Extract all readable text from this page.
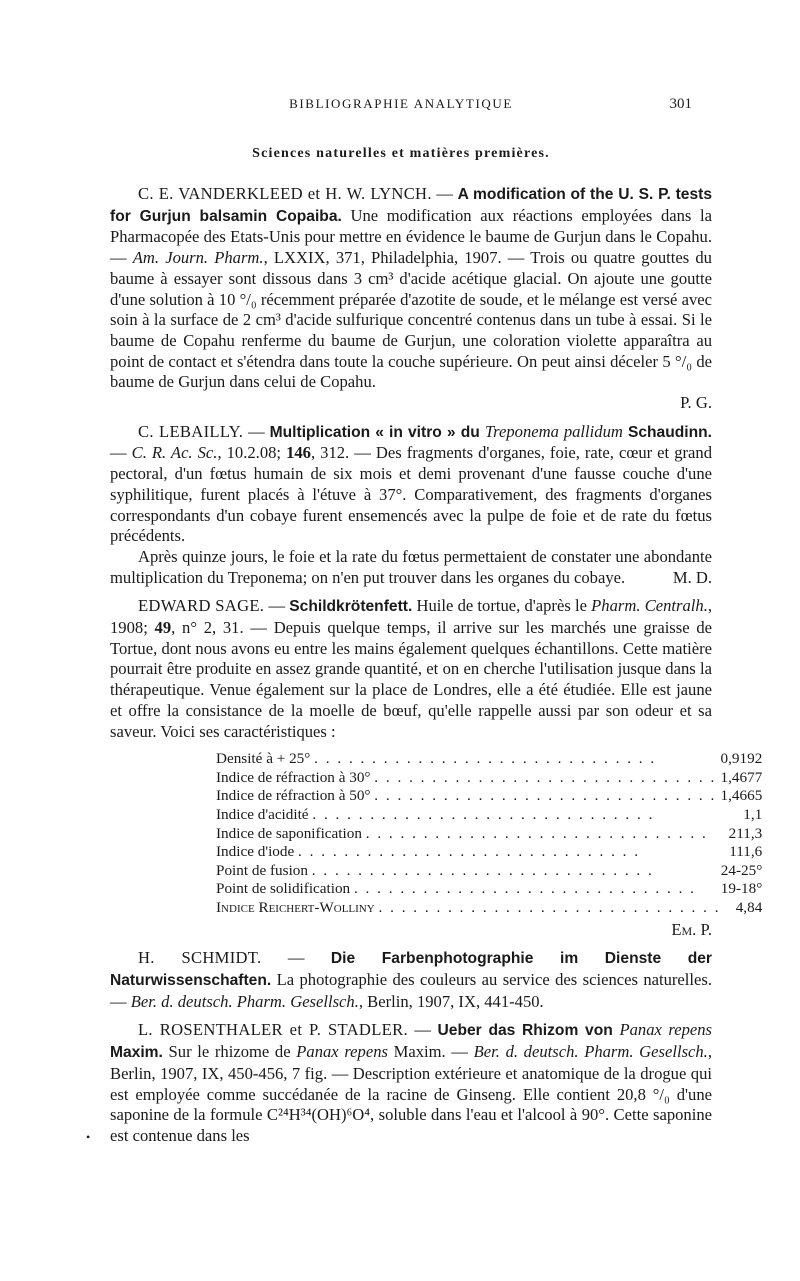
BIBLIOGRAPHIE ANALYTIQUE	301
Sciences naturelles et matières premières.

C. E. VANDERKLEED et H. W. LYNCH. — A modification of the U. S. P. tests for Gurjun balsamin Copaiba. Une modification aux réactions employées dans la Pharmacopée des Etats-Unis pour mettre en évidence le baume de Gurjun dans le Copahu. — Am. Journ. Pharm., LXXIX, 371, Philadelphia, 1907. — Trois ou quatre gouttes du baume à essayer sont dissous dans 3 cm³ d'acide acétique glacial. On ajoute une goutte d'une solution à 10 °/₀ récemment préparée d'azotite de soude, et le mélange est versé avec soin à la surface de 2 cm³ d'acide sulfurique concentré contenus dans un tube à essai. Si le baume de Copahu renferme du baume de Gurjun, une coloration violette apparaîtra au point de contact et s'étendra dans toute la couche supérieure. On peut ainsi déceler 5 °/₀ de baume de Gurjun dans celui de Copahu.

P. G.

C. LEBAILLY. — Multiplication « in vitro » du Treponema pallidum Schaudinn. — C. R. Ac. Sc., 10.2.08; 146, 312. — Des fragments d'organes, foie, rate, cœur et grand pectoral, d'un fœtus humain de six mois et demi provenant d'une fausse couche d'une syphilitique, furent placés à l'étuve à 37°. Comparativement, des fragments d'organes correspondants d'un cobaye furent ensemencés avec la pulpe de foie et de rate du fœtus précédents.

Après quinze jours, le foie et la rate du fœtus permettaient de constater une abondante multiplication du Treponema; on n'en put trouver dans les organes du cobaye.	M. D.

EDWARD SAGE. — Schildkrötenfett. Huile de tortue, d'après le Pharm. Centralh., 1908; 49, n° 2, 31. — Depuis quelque temps, il arrive sur les marchés une graisse de Tortue, dont nous avons eu entre les mains également quelques échantillons. Cette matière pourrait être produite en assez grande quantité, et on en cherche l'utilisation jusque dans la thérapeutique. Venue également sur la place de Londres, elle a été étudiée. Elle est jaune et offre la consistance de la moelle de bœuf, qu'elle rappelle aussi par son odeur et sa saveur. Voici ses caractéristiques :

Densité à + 25° . . . . . . . . . . . . . . . . . . . . . . . . . . . . . .	0,9192
Indice de réfraction à 30° . . . . . . . . . . . . . . . . . . . . . . . . . . . . . .	1,4677
Indice de réfraction à 50° . . . . . . . . . . . . . . . . . . . . . . . . . . . . . .	1,4665
Indice d'acidité . . . . . . . . . . . . . . . . . . . . . . . . . . . . . .	1,1
Indice de saponification . . . . . . . . . . . . . . . . . . . . . . . . . . . . . .	211,3
Indice d'iode . . . . . . . . . . . . . . . . . . . . . . . . . . . . . .	111,6
Point de fusion . . . . . . . . . . . . . . . . . . . . . . . . . . . . . .	24-25°
Point de solidification . . . . . . . . . . . . . . . . . . . . . . . . . . . . . .	19-18°
Indice Reichert-Wolliny . . . . . . . . . . . . . . . . . . . . . . . . . . . . . .	4,84

Em. P.

H. SCHMIDT. — Die Farbenphotographie im Dienste der Naturwissenschaften. La photographie des couleurs au service des sciences naturelles. — Ber. d. deutsch. Pharm. Gesellsch., Berlin, 1907, IX, 441-450.

L. ROSENTHALER et P. STADLER. — Ueber das Rhizom von Panax repens Maxim. Sur le rhizome de Panax repens Maxim. — Ber. d. deutsch. Pharm. Gesellsch., Berlin, 1907, IX, 450-456, 7 fig. — Description extérieure et anatomique de la drogue qui est employée comme succédanée de la racine de Ginseng. Elle contient 20,8 °/₀ d'une saponine de la formule C²⁴H³⁴(OH)⁶O⁴, soluble dans l'eau et l'alcool à 90°. Cette saponine est contenue dans les

•
